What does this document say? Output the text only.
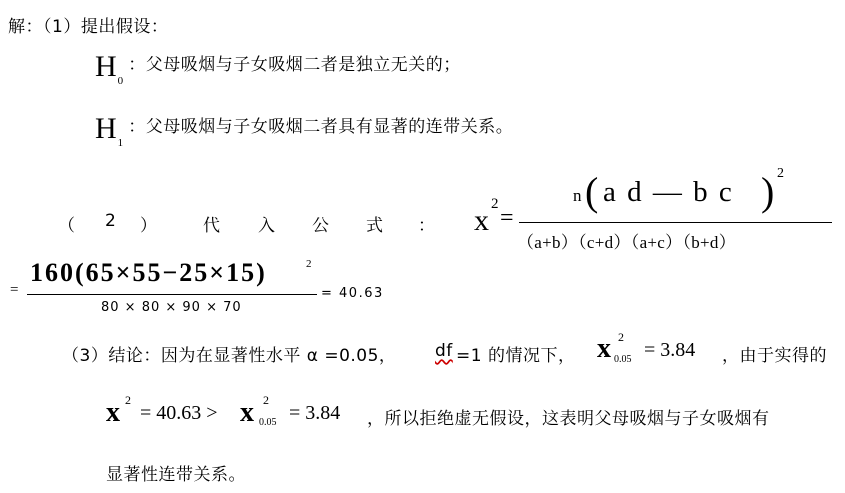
解：（1）提出假设：
$H_0$ ：父母吸烟与子女吸烟二者是独立无关的；
$H_1$ ：父母吸烟与子女吸烟二者具有显著的连带关系。
（ 2 ）	代 入 公 式 ： x 2
=
n ( a d — b c ) 2
（a+b）（c+d）（a+c）（b+d）
=
160(65×55−25×15)	2
80 × 80 × 90 × 70
= 40.63
（3）结论：因为在显著性水平 α =0.05， df =1 的情况下， x 2
0.05 = 3.84 ，由于实得的
x 2
= 40.63 > x 2
0.05 = 3.84 ，所以拒绝虚无假设，这表明父母吸烟与子女吸烟有
显著性连带关系。
